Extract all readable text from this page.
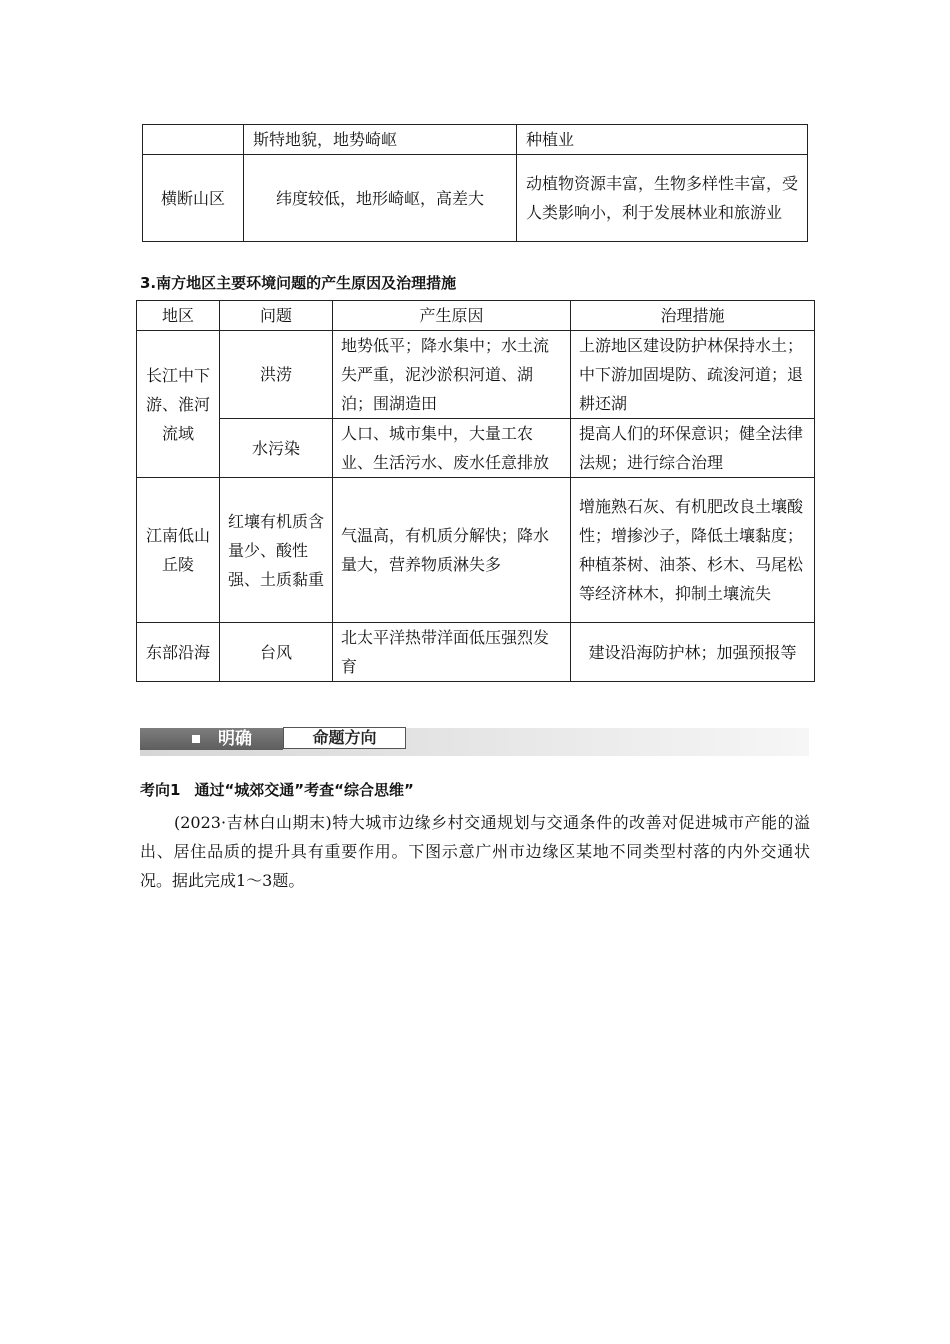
	斯特地貌，地势崎岖	种植业
横断山区	纬度较低，地形崎岖，高差大	动植物资源丰富，生物多样性丰富，受人类影响小，利于发展林业和旅游业
3.南方地区主要环境问题的产生原因及治理措施
地区	问题	产生原因	治理措施
长江中下游、淮河流域	洪涝	地势低平；降水集中；水土流失严重，泥沙淤积河道、湖泊；围湖造田	上游地区建设防护林保持水土；中下游加固堤防、疏浚河道；退耕还湖
	水污染	人口、城市集中，大量工农业、生活污水、废水任意排放	提高人们的环保意识；健全法律法规；进行综合治理
江南低山丘陵	红壤有机质含量少、酸性强、土质黏重	气温高，有机质分解快；降水量大，营养物质淋失多	增施熟石灰、有机肥改良土壤酸性；增掺沙子，降低土壤黏度；种植茶树、油茶、杉木、马尾松等经济林木，抑制土壤流失
东部沿海	台风	北太平洋热带洋面低压强烈发育	建设沿海防护林；加强预报等
明确	命题方向
考向1 通过“城郊交通”考查“综合思维”
(2023·吉林白山期末)特大城市边缘乡村交通规划与交通条件的改善对促进城市产能的溢出、居住品质的提升具有重要作用。下图示意广州市边缘区某地不同类型村落的内外交通状况。据此完成1～3题。
